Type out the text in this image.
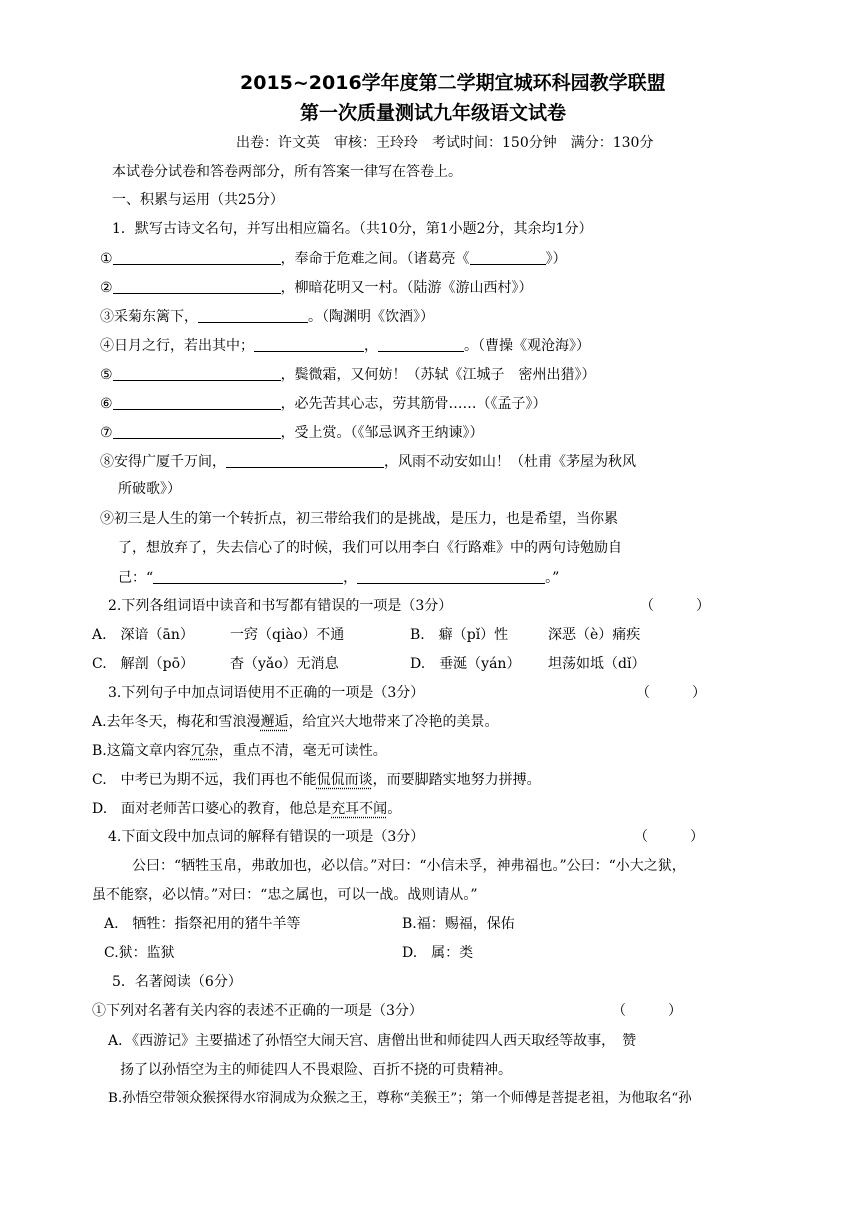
2015~2016学年度第二学期宜城环科园教学联盟
第一次质量测试九年级语文试卷
出卷：许文英　审核：王玲玲　考试时间：150分钟　满分：130分
本试卷分试卷和答卷两部分，所有答案一律写在答卷上。
一、积累与运用（共25分）
1．默写古诗文名句，并写出相应篇名。（共10分，第1小题2分，其余均1分）
①	，奉命于危难之间。（诸葛亮《	》）
②	，柳暗花明又一村。（陆游《游山西村》）
③采菊东篱下，	。（陶渊明《饮酒》）
④日月之行，若出其中；	，	。（曹操《观沧海》）
⑤	，鬓微霜，又何妨！（苏轼《江城子　密州出猎》）
⑥	，必先苦其心志，劳其筋骨……（《孟子》）
⑦	，受上赏。（《邹忌讽齐王纳谏》）
⑧安得广厦千万间，	，风雨不动安如山！（杜甫《茅屋为秋风
所破歌》）
⑨初三是人生的第一个转折点，初三带给我们的是挑战，是压力，也是希望，当你累
了，想放弃了，失去信心了的时候，我们可以用李白《行路难》中的两句诗勉励自
己：“	，	。”
2.下列各组词语中读音和书写都有错误的一项是（3分）	（　　　）
A.　深谙（ān）	一窍（qiào）不通	B.　癖（pǐ）性	深恶（è）痛疾
C.　解剖（pō）	杳（yǎo）无消息	D.　垂涎（yán） 坦荡如坻（dǐ）
3.下列句子中加点词语使用不正确的一项是（3分）	（　　　）
A.去年冬天，梅花和雪浪漫邂逅，给宜兴大地带来了冷艳的美景。
B.这篇文章内容冗杂，重点不清，毫无可读性。
C.　中考已为期不远，我们再也不能侃侃而谈，而要脚踏实地努力拼搏。
D.　面对老师苦口婆心的教育，他总是充耳不闻。
4.下面文段中加点词的解释有错误的一项是（3分）	（　　　）
公曰：“牺牲玉帛，弗敢加也，必以信。”对曰：“小信未孚，神弗福也。”公曰：“小大之狱，
虽不能察，必以情。”对曰：“忠之属也，可以一战。战则请从。”
A.　牺牲：指祭祀用的猪牛羊等	B.福：赐福，保佑
C.狱：监狱	D.　属：类
5．名著阅读（6分）
①下列对名著有关内容的表述不正确的一项是（3分）	（　　　）
A．《西游记》主要描述了孙悟空大闹天宫、唐僧出世和师徒四人西天取经等故事，　赞
扬了以孙悟空为主的师徒四人不畏艰险、百折不挠的可贵精神。
B.孙悟空带领众猴探得水帘洞成为众猴之王，尊称“美猴王”；第一个师傅是菩提老祖，为他取名“孙
